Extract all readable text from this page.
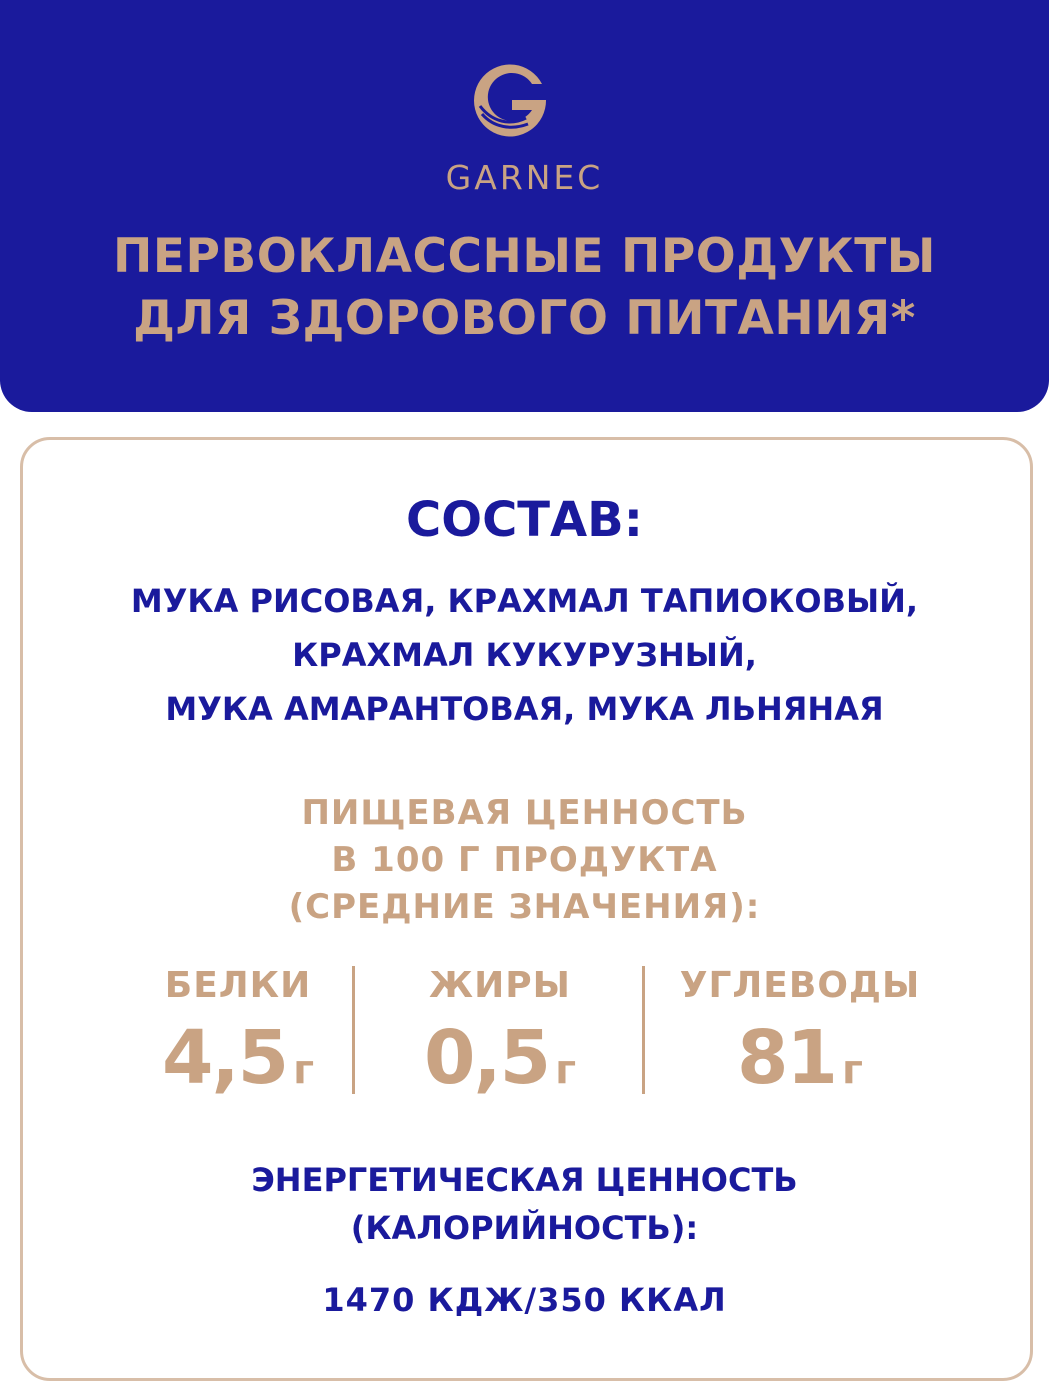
GARNEC
ПЕРВОКЛАССНЫЕ ПРОДУКТЫ
ДЛЯ ЗДОРОВОГО ПИТАНИЯ*
СОСТАВ:
МУКА РИСОВАЯ, КРАХМАЛ ТАПИОКОВЫЙ,
КРАХМАЛ КУКУРУЗНЫЙ,
МУКА АМАРАНТОВАЯ, МУКА ЛЬНЯНАЯ
ПИЩЕВАЯ ЦЕННОСТЬ
В 100 Г ПРОДУКТА
(СРЕДНИЕ ЗНАЧЕНИЯ):
БЕЛКИ
4,5 г
ЖИРЫ
0,5 г
УГЛЕВОДЫ
81 г
ЭНЕРГЕТИЧЕСКАЯ ЦЕННОСТЬ
(КАЛОРИЙНОСТЬ):
1470 КДЖ/350 ККАЛ
